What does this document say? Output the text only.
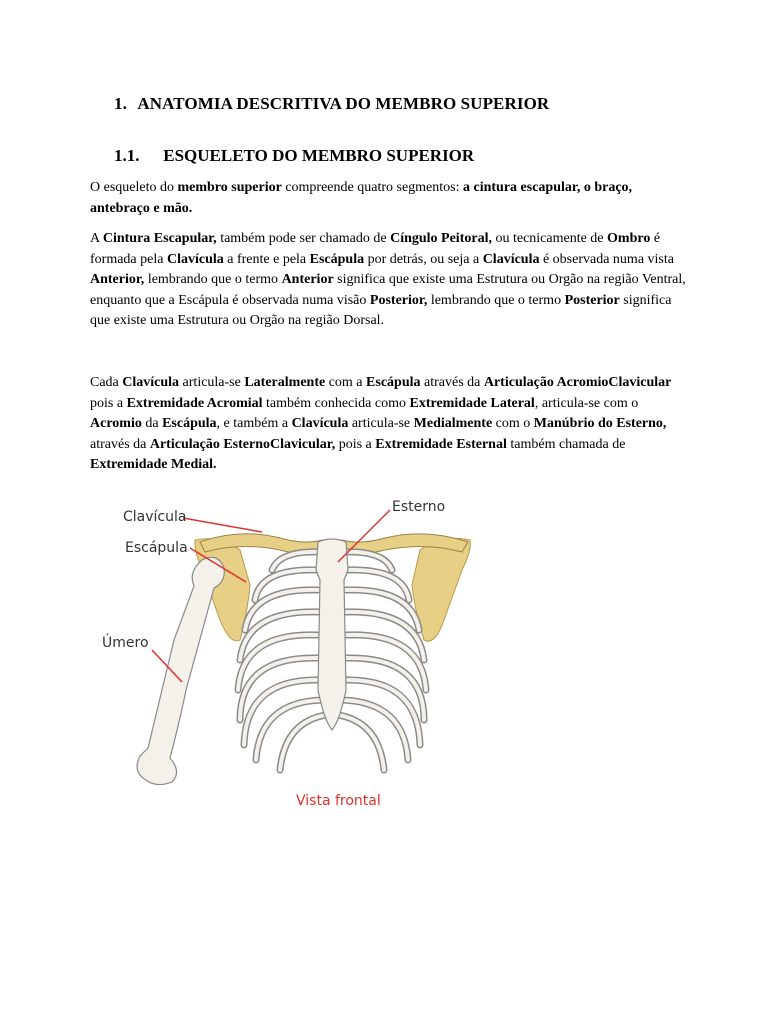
1. ANATOMIA DESCRITIVA DO MEMBRO SUPERIOR
1.1. ESQUELETO DO MEMBRO SUPERIOR
O esqueleto do membro superior compreende quatro segmentos: a cintura escapular, o braço, antebraço e mão.
A Cintura Escapular, também pode ser chamado de Cíngulo Peitoral, ou tecnicamente de Ombro é formada pela Clavícula a frente e pela Escápula por detrás, ou seja a Clavícula é observada numa vista Anterior, lembrando que o termo Anterior significa que existe uma Estrutura ou Orgão na região Ventral, enquanto que a Escápula é observada numa visão Posterior, lembrando que o termo Posterior significa que existe uma Estrutura ou Orgão na região Dorsal.
Cada Clavícula articula-se Lateralmente com a Escápula através da Articulação AcromioClavicular pois a Extremidade Acromial também conhecida como Extremidade Lateral, articula-se com o Acromio da Escápula, e também a Clavícula articula-se Medialmente com o Manúbrio do Esterno, através da Articulação EsternoClavicular, pois a Extremidade Esternal também chamada de Extremidade Medial.
Clavícula
Escápula
Úmero
Esterno
Vista frontal
